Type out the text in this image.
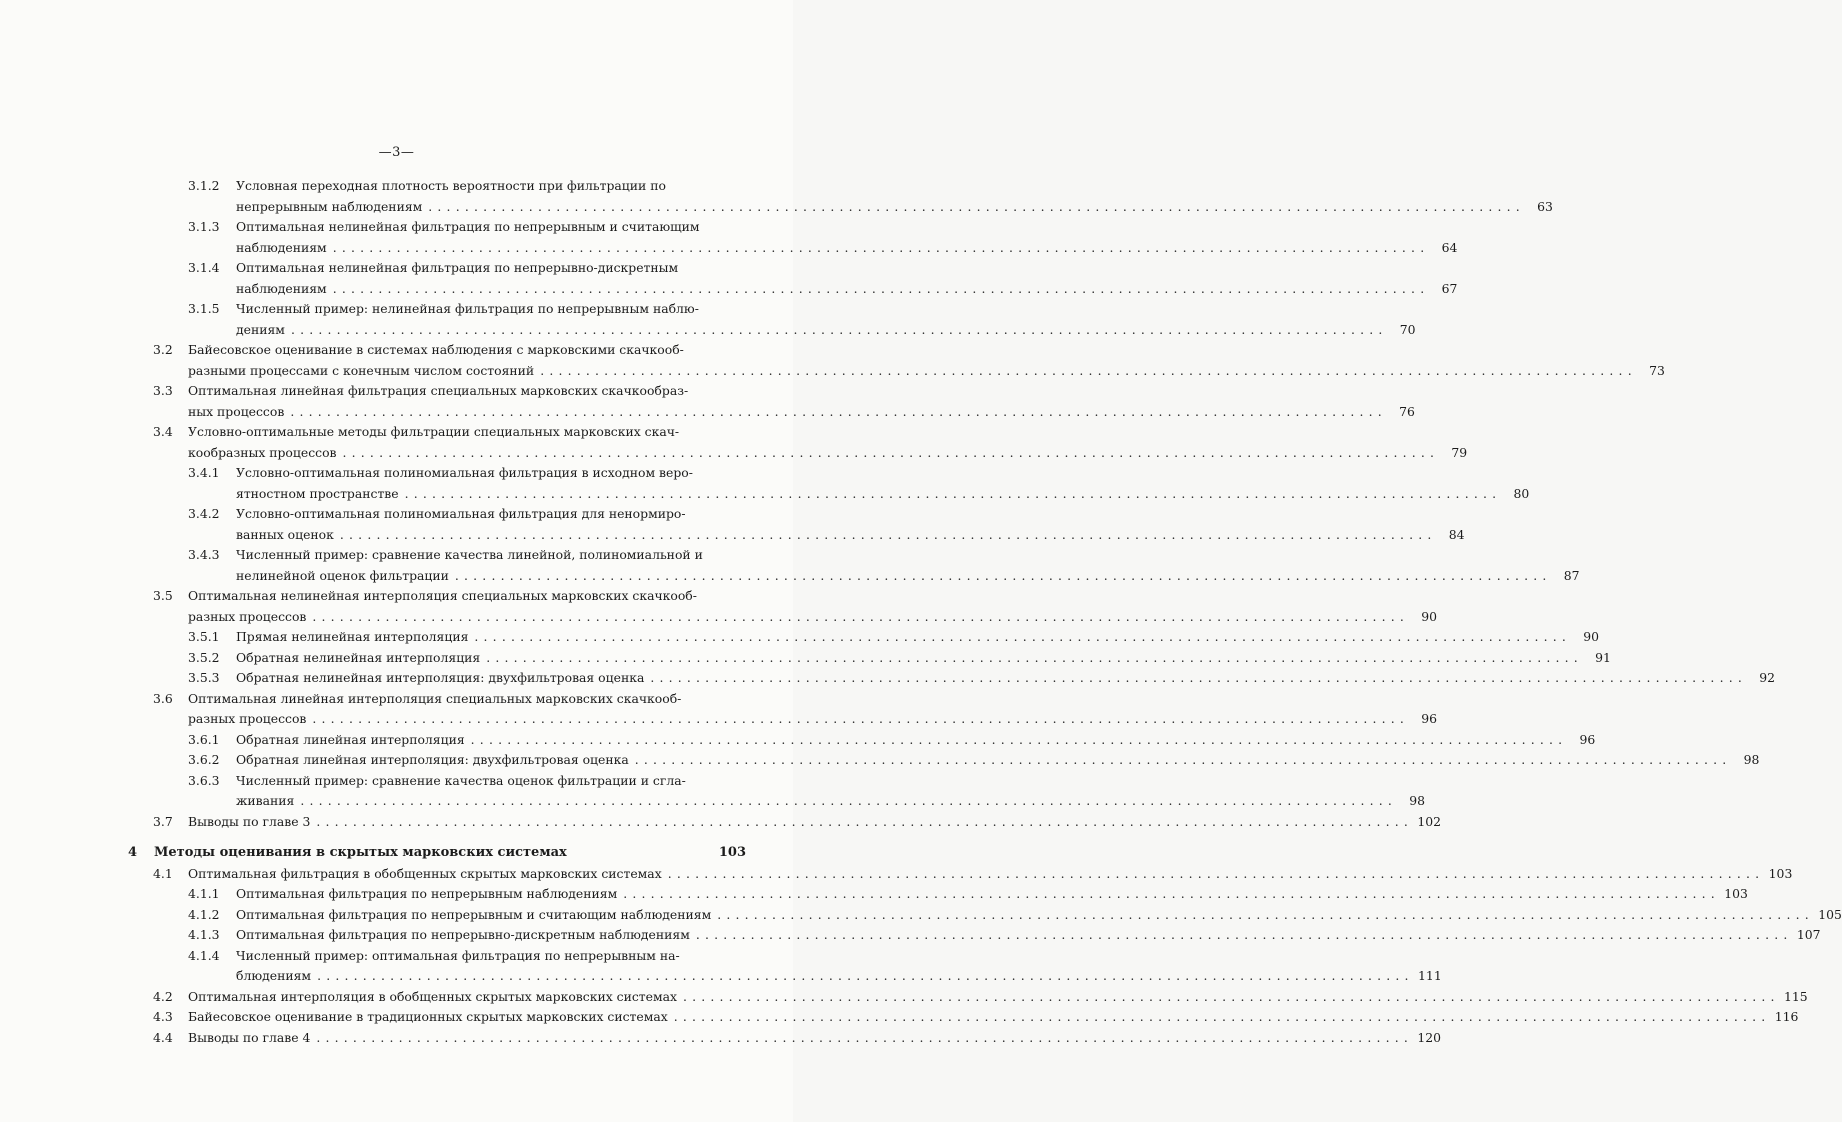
—3—
3.1.2 Условная переходная плотность вероятности при фильтрации по
непрерывным наблюдениям ........................................................................................................................ 63
3.1.3 Оптимальная нелинейная фильтрация по непрерывным и считающим
наблюдениям ........................................................................................................................ 64
3.1.4 Оптимальная нелинейная фильтрация по непрерывно-дискретным
наблюдениям ........................................................................................................................ 67
3.1.5 Численный пример: нелинейная фильтрация по непрерывным наблю-
дениям ........................................................................................................................ 70
3.2 Байесовское оценивание в системах наблюдения с марковскими скачкооб-
разными процессами с конечным числом состояний ........................................................................................................................ 73
3.3 Оптимальная линейная фильтрация специальных марковских скачкообраз-
ных процессов ........................................................................................................................ 76
3.4 Условно-оптимальные методы фильтрации специальных марковских скач-
кообразных процессов ........................................................................................................................ 79
3.4.1 Условно-оптимальная полиномиальная фильтрация в исходном веро-
ятностном пространстве ........................................................................................................................ 80
3.4.2 Условно-оптимальная полиномиальная фильтрация для ненормиро-
ванных оценок ........................................................................................................................ 84
3.4.3 Численный пример: сравнение качества линейной, полиномиальной и
нелинейной оценок фильтрации ........................................................................................................................ 87
3.5 Оптимальная нелинейная интерполяция специальных марковских скачкооб-
разных процессов ........................................................................................................................ 90
3.5.1 Прямая нелинейная интерполяция ........................................................................................................................ 90
3.5.2 Обратная нелинейная интерполяция ........................................................................................................................ 91
3.5.3 Обратная нелинейная интерполяция: двухфильтровая оценка ........................................................................................................................ 92
3.6 Оптимальная линейная интерполяция специальных марковских скачкооб-
разных процессов ........................................................................................................................ 96
3.6.1 Обратная линейная интерполяция ........................................................................................................................ 96
3.6.2 Обратная линейная интерполяция: двухфильтровая оценка ........................................................................................................................ 98
3.6.3 Численный пример: сравнение качества оценок фильтрации и сгла-
живания ........................................................................................................................ 98
3.7 Выводы по главе 3 ........................................................................................................................ 102
4	Методы оценивания в скрытых марковских системах	103
4.1 Оптимальная фильтрация в обобщенных скрытых марковских системах ........................................................................................................................ 103
4.1.1 Оптимальная фильтрация по непрерывным наблюдениям ........................................................................................................................ 103
4.1.2 Оптимальная фильтрация по непрерывным и считающим наблюдениям ........................................................................................................................ 105
4.1.3 Оптимальная фильтрация по непрерывно-дискретным наблюдениям ........................................................................................................................ 107
4.1.4 Численный пример: оптимальная фильтрация по непрерывным на-
блюдениям ........................................................................................................................ 111
4.2 Оптимальная интерполяция в обобщенных скрытых марковских системах ........................................................................................................................ 115
4.3 Байесовское оценивание в традиционных скрытых марковских системах ........................................................................................................................ 116
4.4 Выводы по главе 4 ........................................................................................................................ 120
